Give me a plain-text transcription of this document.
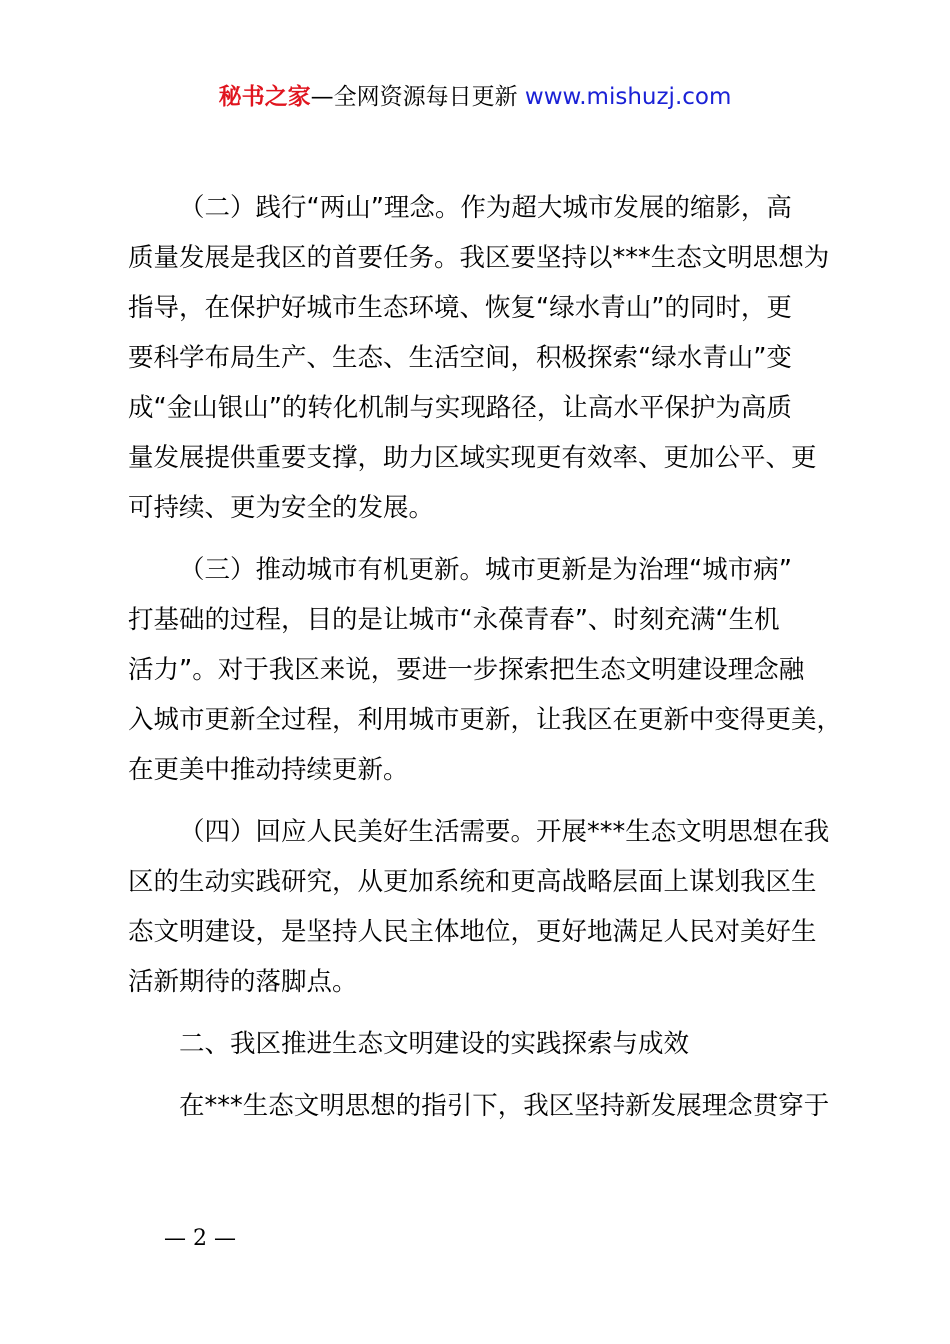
秘书之家—全网资源每日更新 www.mishuzj.com
（二）践行“两山”理念。作为超大城市发展的缩影，高
质量发展是我区的首要任务。我区要坚持以***生态文明思想为
指导，在保护好城市生态环境、恢复“绿水青山”的同时，更
要科学布局生产、生态、生活空间，积极探索“绿水青山”变
成“金山银山”的转化机制与实现路径，让高水平保护为高质
量发展提供重要支撑，助力区域实现更有效率、更加公平、更
可持续、更为安全的发展。
（三）推动城市有机更新。城市更新是为治理“城市病”
打基础的过程，目的是让城市“永葆青春”、时刻充满“生机
活力”。对于我区来说，要进一步探索把生态文明建设理念融
入城市更新全过程，利用城市更新，让我区在更新中变得更美，
在更美中推动持续更新。
（四）回应人民美好生活需要。开展***生态文明思想在我
区的生动实践研究，从更加系统和更高战略层面上谋划我区生
态文明建设，是坚持人民主体地位，更好地满足人民对美好生
活新期待的落脚点。
二、我区推进生态文明建设的实践探索与成效
在***生态文明思想的指引下，我区坚持新发展理念贯穿于
— 2 —
